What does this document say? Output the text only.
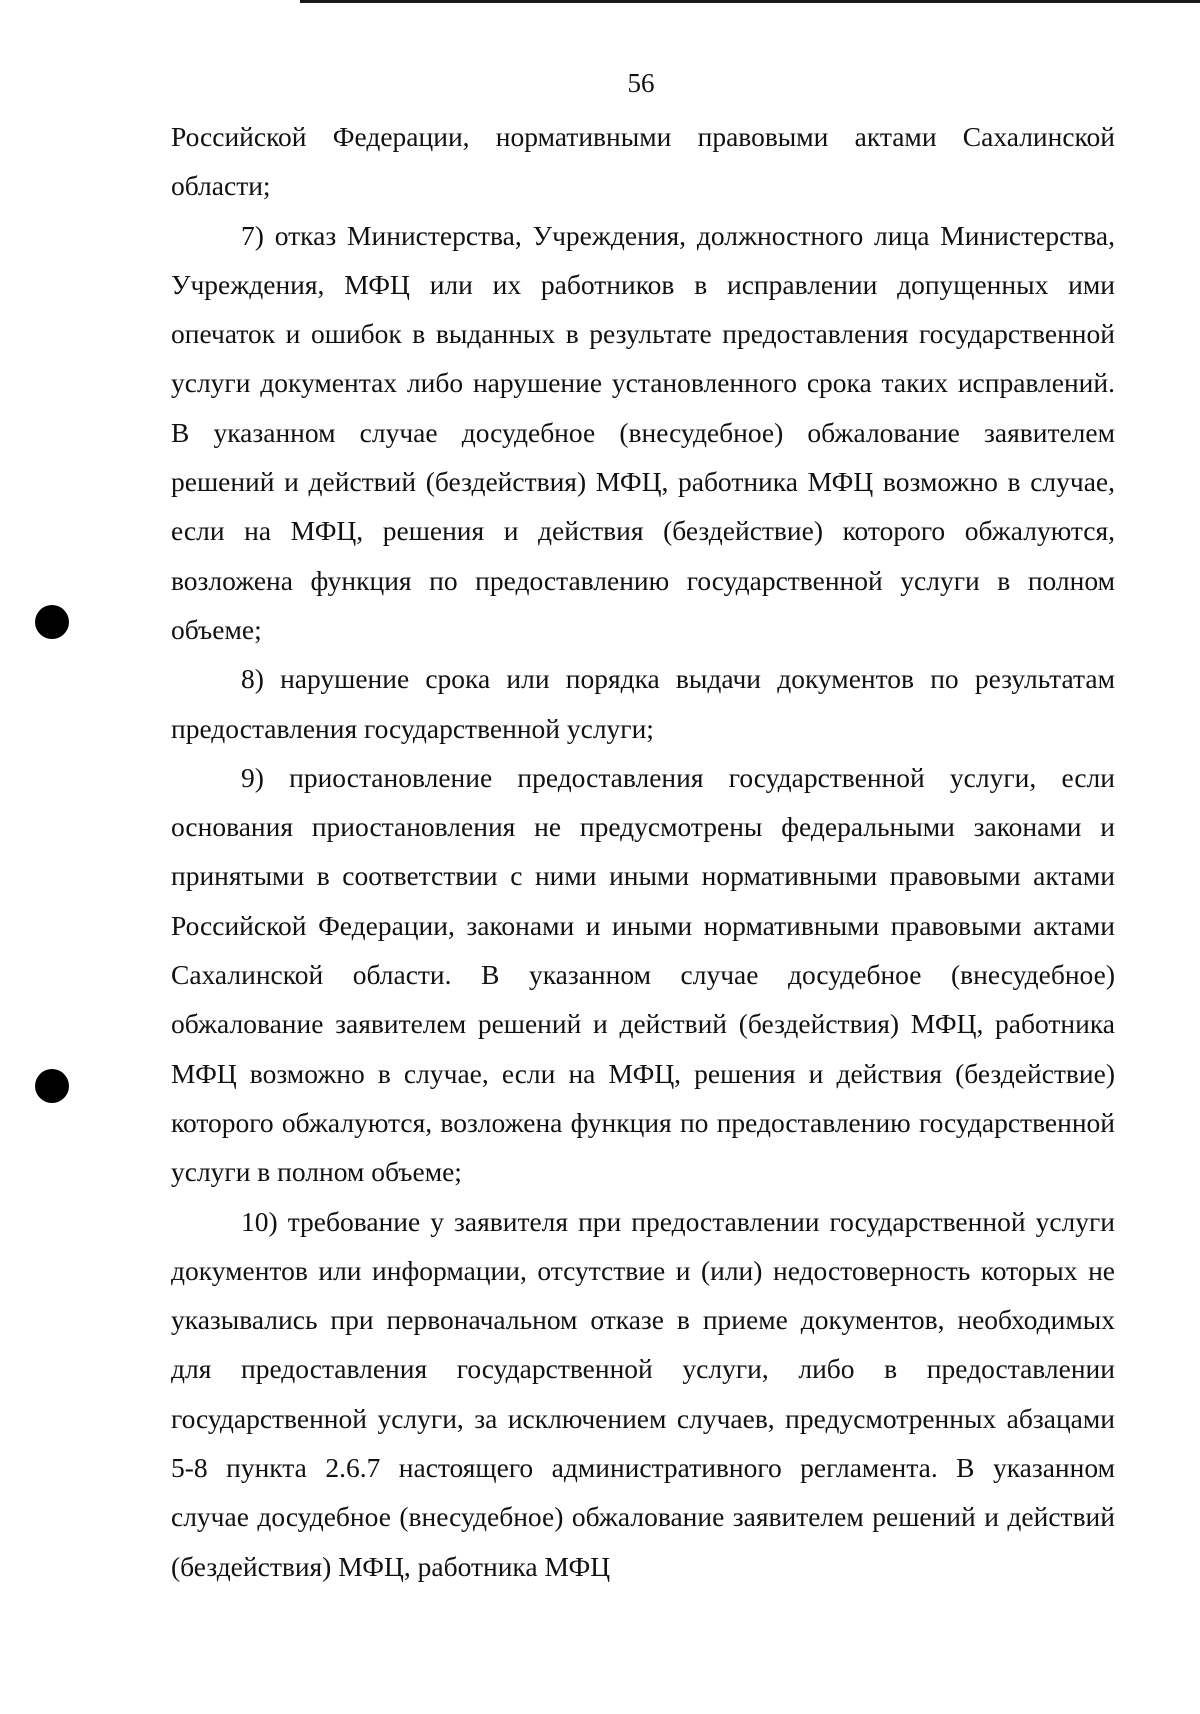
56

Российской Федерации, нормативными правовыми актами Сахалинской области;

7) отказ Министерства, Учреждения, должностного лица Министерства, Учреждения, МФЦ или их работников в исправлении допущенных ими опечаток и ошибок в выданных в результате предоставления государственной услуги документах либо нарушение установленного срока таких исправлений. В указанном случае досудебное (внесудебное) обжалование заявителем решений и действий (бездействия) МФЦ, работника МФЦ возможно в случае, если на МФЦ, решения и действия (бездействие) которого обжалуются, возложена функция по предоставлению государственной услуги в полном объеме;

8) нарушение срока или порядка выдачи документов по результатам предоставления государственной услуги;

9) приостановление предоставления государственной услуги, если основания приостановления не предусмотрены федеральными законами и принятыми в соответствии с ними иными нормативными правовыми актами Российской Федерации, законами и иными нормативными правовыми актами Сахалинской области. В указанном случае досудебное (внесудебное) обжалование заявителем решений и действий (бездействия) МФЦ, работника МФЦ возможно в случае, если на МФЦ, решения и действия (бездействие) которого обжалуются, возложена функция по предоставлению государственной услуги в полном объеме;

10) требование у заявителя при предоставлении государственной услуги документов или информации, отсутствие и (или) недостоверность которых не указывались при первоначальном отказе в приеме документов, необходимых для предоставления государственной услуги, либо в предоставлении государственной услуги, за исключением случаев, предусмотренных абзацами 5-8 пункта 2.6.7 настоящего административного регламента. В указанном случае досудебное (внесудебное) обжалование заявителем решений и действий (бездействия) МФЦ, работника МФЦ
